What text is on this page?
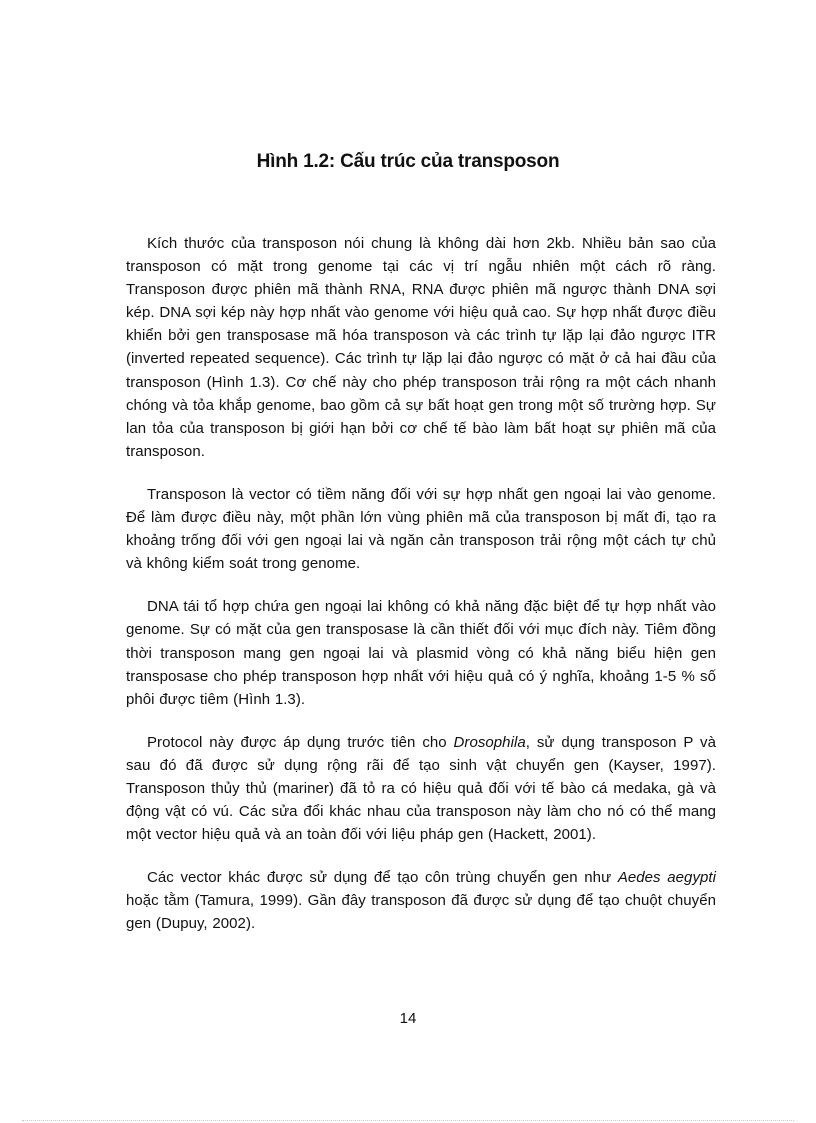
Hình 1.2: Cấu trúc của transposon

Kích thước của transposon nói chung là không dài hơn 2kb. Nhiều bản sao của transposon có mặt trong genome tại các vị trí ngẫu nhiên một cách rõ ràng. Transposon được phiên mã thành RNA, RNA được phiên mã ngược thành DNA sợi kép. DNA sợi kép này hợp nhất vào genome với hiệu quả cao. Sự hợp nhất được điều khiển bởi gen transposase mã hóa transposon và các trình tự lặp lại đảo ngược ITR (inverted repeated sequence). Các trình tự lặp lại đảo ngược có mặt ở cả hai đầu của transposon (Hình 1.3). Cơ chế này cho phép transposon trải rộng ra một cách nhanh chóng và tỏa khắp genome, bao gồm cả sự bất hoạt gen trong một số trường hợp. Sự lan tỏa của transposon bị giới hạn bởi cơ chế tế bào làm bất hoạt sự phiên mã của transposon.

Transposon là vector có tiềm năng đối với sự hợp nhất gen ngoại lai vào genome. Để làm được điều này, một phần lớn vùng phiên mã của transposon bị mất đi, tạo ra khoảng trống đối với gen ngoại lai và ngăn cản transposon trải rộng một cách tự chủ và không kiểm soát trong genome.

DNA tái tổ hợp chứa gen ngoại lai không có khả năng đặc biệt để tự hợp nhất vào genome. Sự có mặt của gen transposase là cần thiết đối với mục đích này. Tiêm đồng thời transposon mang gen ngoại lai và plasmid vòng có khả năng biểu hiện gen transposase cho phép transposon hợp nhất với hiệu quả có ý nghĩa, khoảng 1-5 % số phôi được tiêm (Hình 1.3).

Protocol này được áp dụng trước tiên cho Drosophila, sử dụng transposon P và sau đó đã được sử dụng rộng rãi để tạo sinh vật chuyển gen (Kayser, 1997). Transposon thủy thủ (mariner) đã tỏ ra có hiệu quả đối với tế bào cá medaka, gà và động vật có vú. Các sửa đổi khác nhau của transposon này làm cho nó có thể mang một vector hiệu quả và an toàn đối với liệu pháp gen (Hackett, 2001).

Các vector khác được sử dụng để tạo côn trùng chuyển gen như Aedes aegypti hoặc tằm (Tamura, 1999). Gần đây transposon đã được sử dụng để tạo chuột chuyển gen (Dupuy, 2002).

14
